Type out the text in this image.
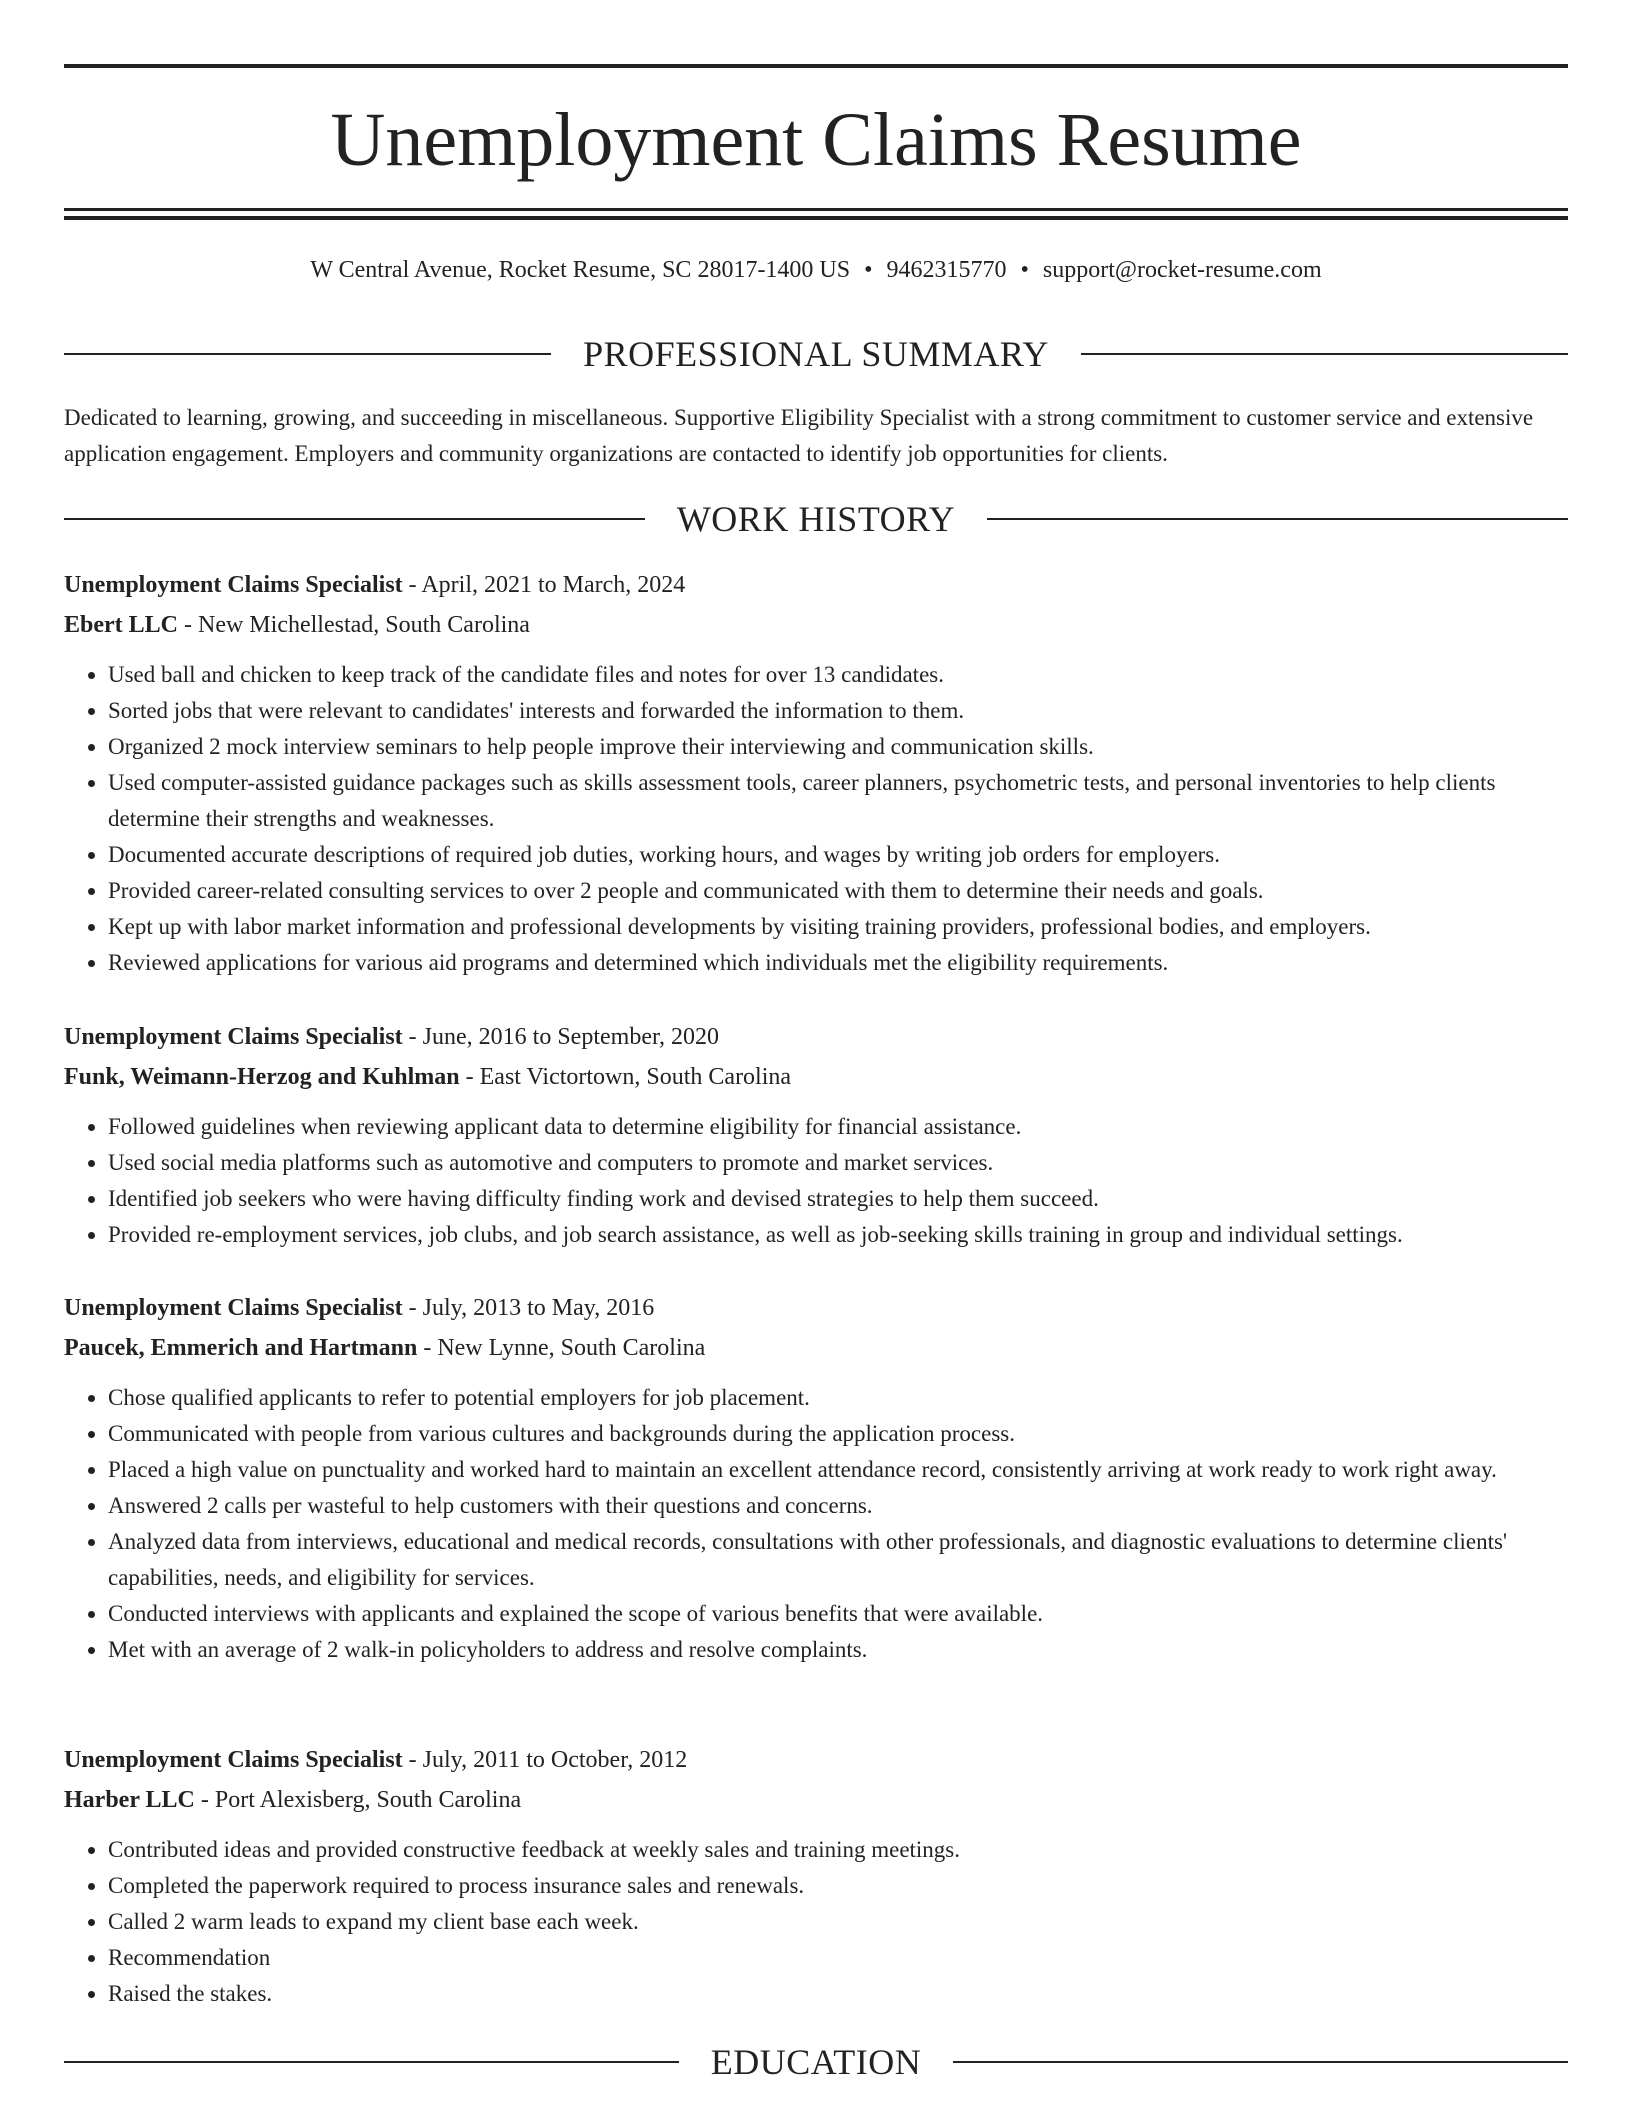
Unemployment Claims Resume
W Central Avenue, Rocket Resume, SC 28017-1400 US • 9462315770 • support@rocket-resume.com
PROFESSIONAL SUMMARY

Dedicated to learning, growing, and succeeding in miscellaneous. Supportive Eligibility Specialist with a strong commitment to customer service and extensive application engagement. Employers and community organizations are contacted to identify job opportunities for clients.

WORK HISTORY

Unemployment Claims Specialist - April, 2021 to March, 2024

Ebert LLC - New Michellestad, South Carolina

• Used ball and chicken to keep track of the candidate files and notes for over 13 candidates.
• Sorted jobs that were relevant to candidates' interests and forwarded the information to them.
• Organized 2 mock interview seminars to help people improve their interviewing and communication skills.
• Used computer-assisted guidance packages such as skills assessment tools, career planners, psychometric tests, and personal inventories to help clients determine their strengths and weaknesses.
• Documented accurate descriptions of required job duties, working hours, and wages by writing job orders for employers.
• Provided career-related consulting services to over 2 people and communicated with them to determine their needs and goals.
• Kept up with labor market information and professional developments by visiting training providers, professional bodies, and employers.
• Reviewed applications for various aid programs and determined which individuals met the eligibility requirements.

Unemployment Claims Specialist - June, 2016 to September, 2020

Funk, Weimann-Herzog and Kuhlman - East Victortown, South Carolina

• Followed guidelines when reviewing applicant data to determine eligibility for financial assistance.
• Used social media platforms such as automotive and computers to promote and market services.
• Identified job seekers who were having difficulty finding work and devised strategies to help them succeed.
• Provided re-employment services, job clubs, and job search assistance, as well as job-seeking skills training in group and individual settings.

Unemployment Claims Specialist - July, 2013 to May, 2016

Paucek, Emmerich and Hartmann - New Lynne, South Carolina

• Chose qualified applicants to refer to potential employers for job placement.
• Communicated with people from various cultures and backgrounds during the application process.
• Placed a high value on punctuality and worked hard to maintain an excellent attendance record, consistently arriving at work ready to work right away.
• Answered 2 calls per wasteful to help customers with their questions and concerns.
• Analyzed data from interviews, educational and medical records, consultations with other professionals, and diagnostic evaluations to determine clients' capabilities, needs, and eligibility for services.
• Conducted interviews with applicants and explained the scope of various benefits that were available.
• Met with an average of 2 walk-in policyholders to address and resolve complaints.

Unemployment Claims Specialist - July, 2011 to October, 2012

Harber LLC - Port Alexisberg, South Carolina

• Contributed ideas and provided constructive feedback at weekly sales and training meetings.
• Completed the paperwork required to process insurance sales and renewals.
• Called 2 warm leads to expand my client base each week.
• Recommendation
• Raised the stakes.
EDUCATION
